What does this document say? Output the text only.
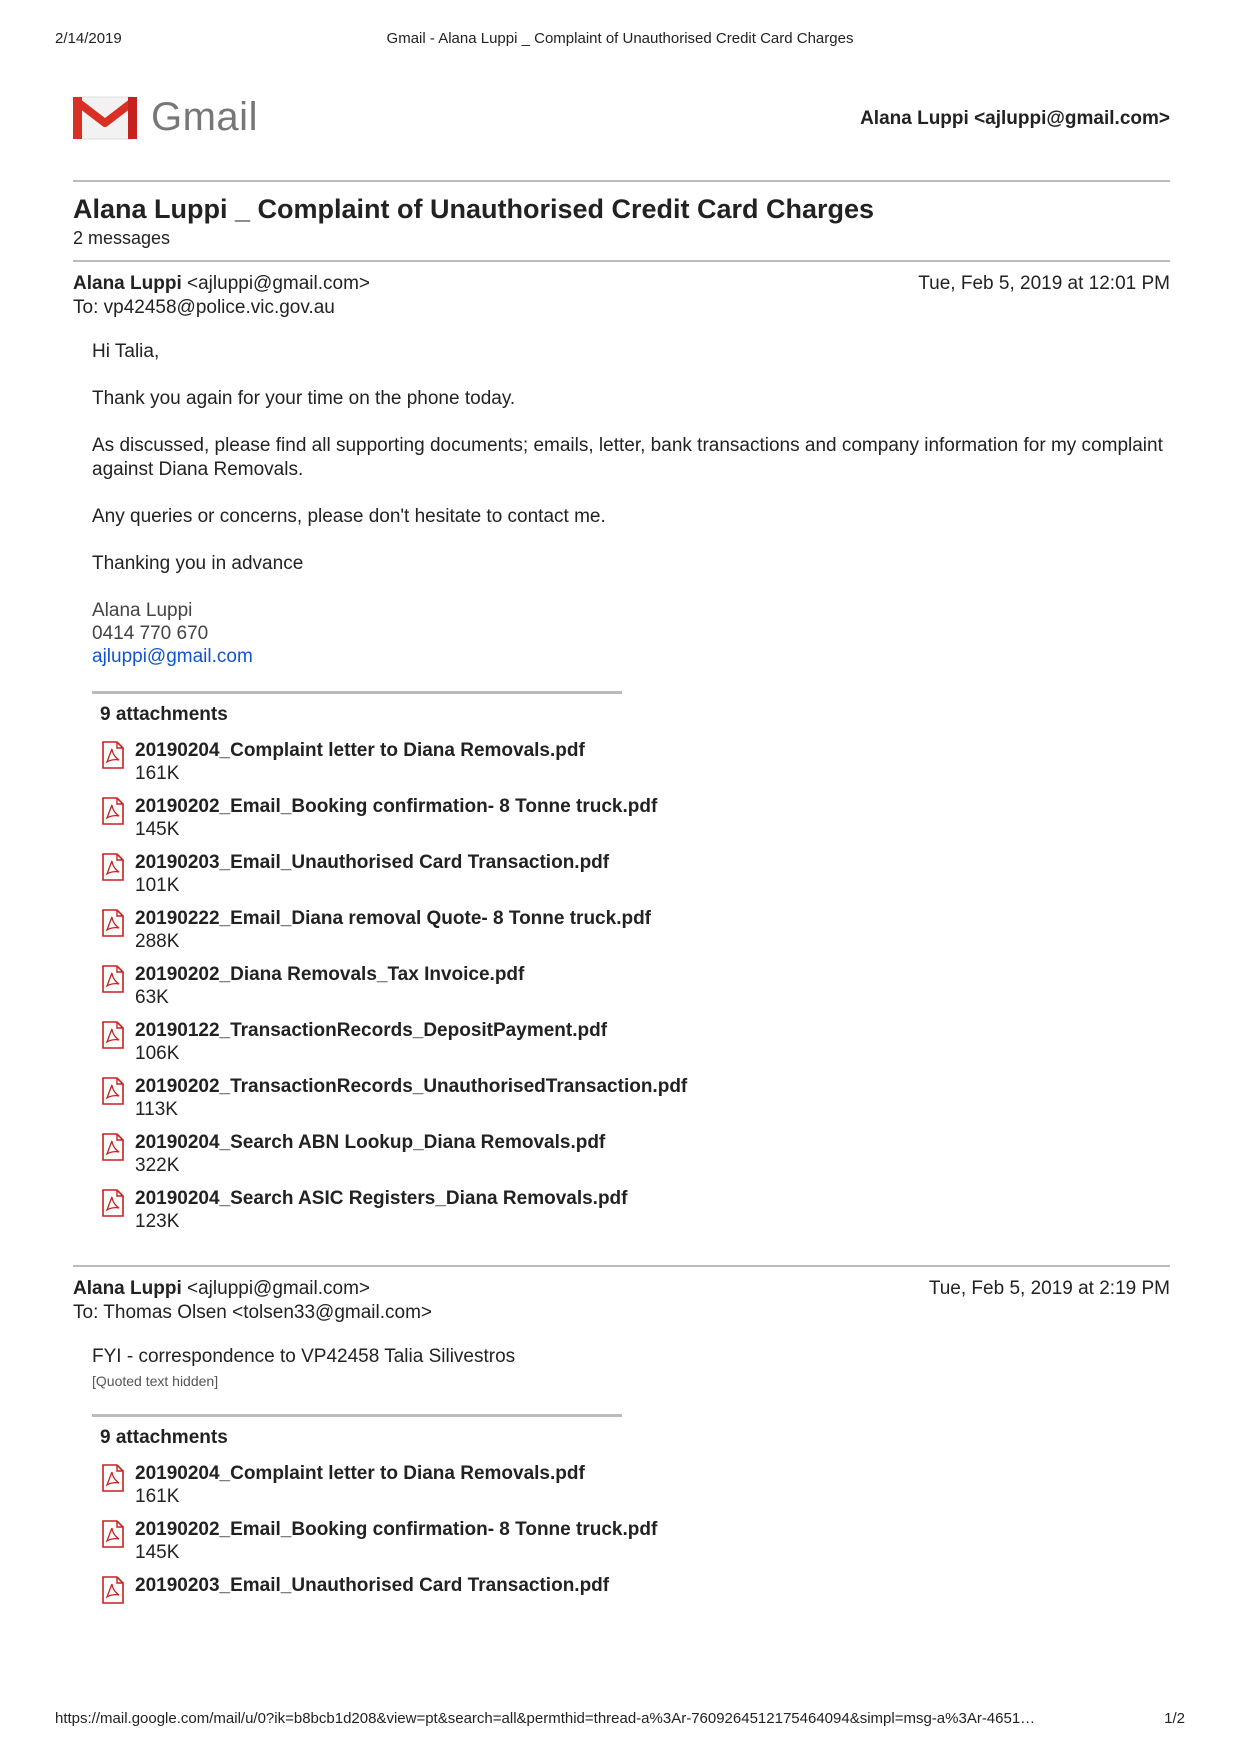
2/14/2019	Gmail - Alana Luppi _ Complaint of Unauthorised Credit Card Charges
Gmail	Alana Luppi <ajluppi@gmail.com>
Alana Luppi _ Complaint of Unauthorised Credit Card Charges
2 messages
Alana Luppi <ajluppi@gmail.com>
To: vp42458@police.vic.gov.au
Tue, Feb 5, 2019 at 12:01 PM

Hi Talia,

Thank you again for your time on the phone today.

As discussed, please find all supporting documents; emails, letter, bank transactions and company information for my complaint against Diana Removals.

Any queries or concerns, please don't hesitate to contact me.

Thanking you in advance

Alana Luppi
0414 770 670
ajluppi@gmail.com
9 attachments
20190204_Complaint letter to Diana Removals.pdf
161K
20190202_Email_Booking confirmation- 8 Tonne truck.pdf
145K
20190203_Email_Unauthorised Card Transaction.pdf
101K
20190222_Email_Diana removal Quote- 8 Tonne truck.pdf
288K
20190202_Diana Removals_Tax Invoice.pdf
63K
20190122_TransactionRecords_DepositPayment.pdf
106K
20190202_TransactionRecords_UnauthorisedTransaction.pdf
113K
20190204_Search ABN Lookup_Diana Removals.pdf
322K
20190204_Search ASIC Registers_Diana Removals.pdf
123K
Alana Luppi <ajluppi@gmail.com>
To: Thomas Olsen <tolsen33@gmail.com>
Tue, Feb 5, 2019 at 2:19 PM
FYI - correspondence to VP42458 Talia Silivestros
[Quoted text hidden]
9 attachments
20190204_Complaint letter to Diana Removals.pdf
161K
20190202_Email_Booking confirmation- 8 Tonne truck.pdf
145K
20190203_Email_Unauthorised Card Transaction.pdf
https://mail.google.com/mail/u/0?ik=b8bcb1d208&view=pt&search=all&permthid=thread-a%3Ar-7609264512175464094&simpl=msg-a%3Ar-4651…	1/2
